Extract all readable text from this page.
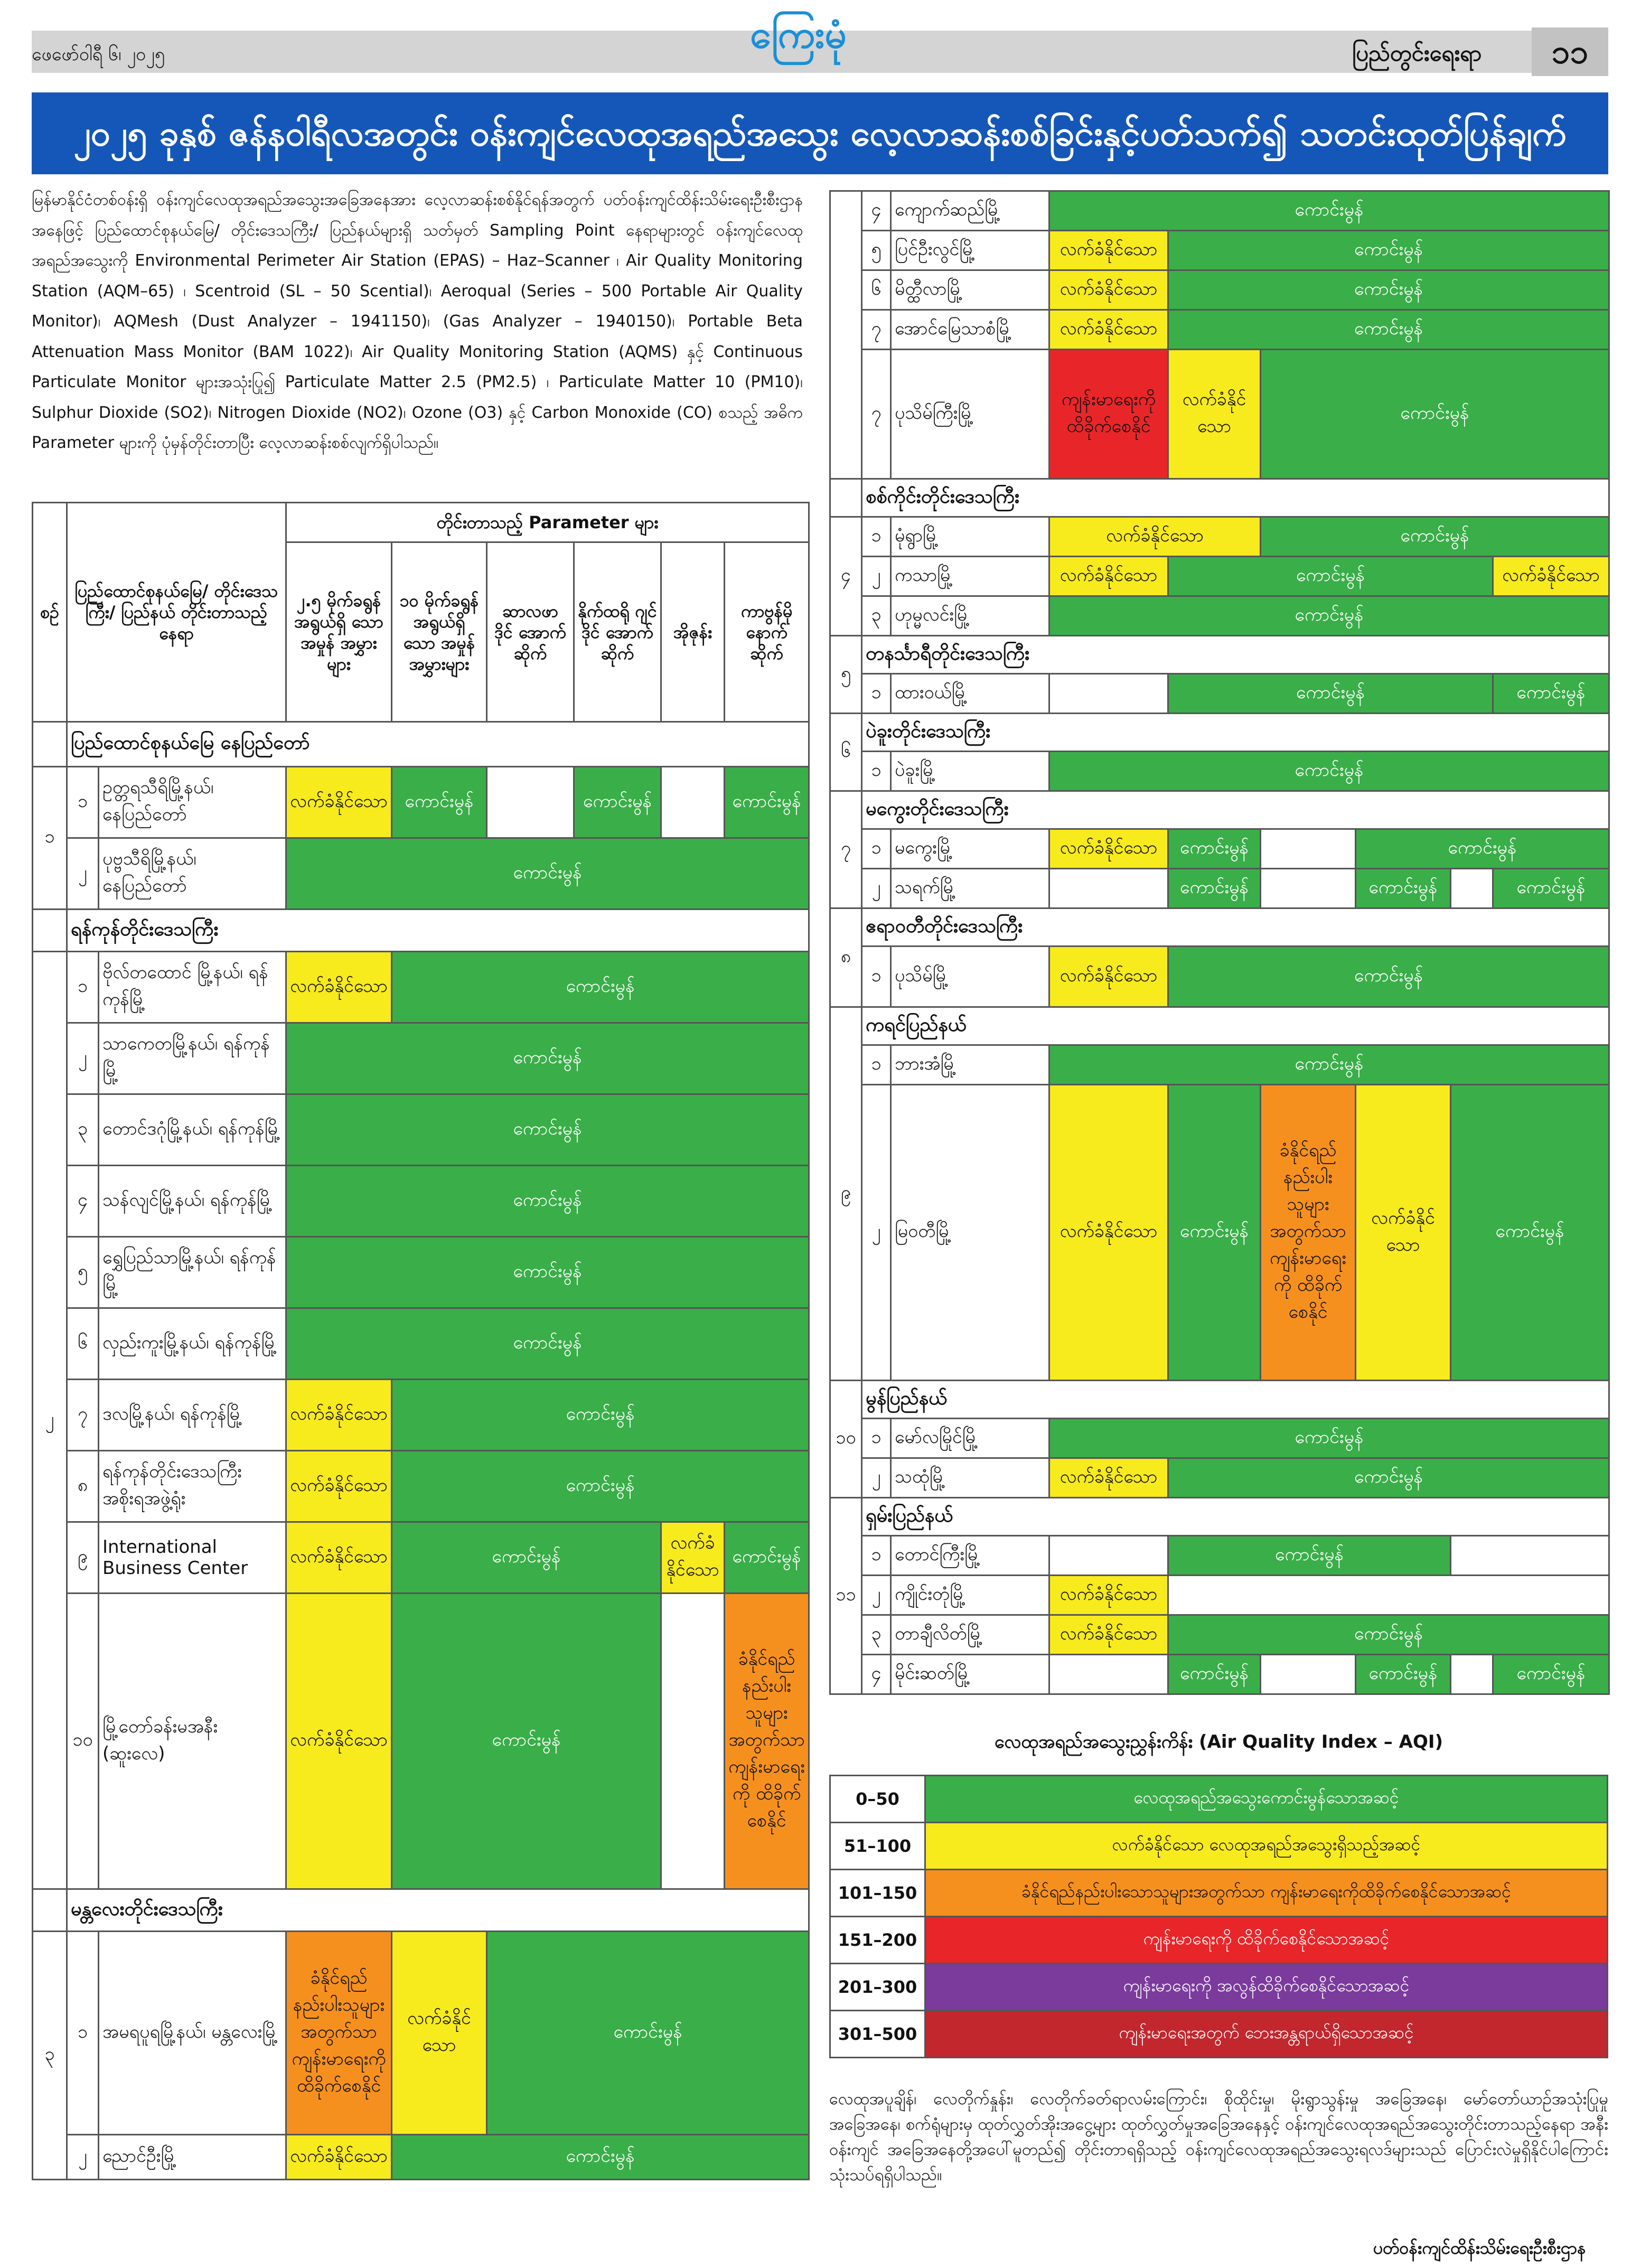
ဖေဖော်ဝါရီ ၆၊ ၂၀၂၅	ကြေးမုံ	ပြည်တွင်းရေးရာ	၁၁
၂၀၂၅ ခုနှစ် ဇန်နဝါရီလအတွင်း ဝန်းကျင်လေထုအရည်အသွေး လေ့လာဆန်းစစ်ခြင်းနှင့်ပတ်သက်၍ သတင်းထုတ်ပြန်ချက်
မြန်မာနိုင်ငံတစ်ဝန်းရှိ ဝန်းကျင်လေထုအရည်အသွေးအခြေအနေအား လေ့လာဆန်းစစ်နိုင်ရန်အတွက် ပတ်ဝန်းကျင်ထိန်းသိမ်းရေးဦးစီးဌာနအနေဖြင့် ပြည်ထောင်စုနယ်မြေ/ တိုင်းဒေသကြီး/ ပြည်နယ်များရှိ သတ်မှတ် Sampling Point နေရာများတွင် ဝန်းကျင်လေထုအရည်အသွေးကို Environmental Perimeter Air Station (EPAS) – Haz–Scanner ၊ Air Quality Monitoring Station (AQM–65) ၊ Scentroid (SL – 50 Scential)၊ Aeroqual (Series – 500 Portable Air Quality Monitor)၊ AQMesh (Dust Analyzer – 1941150)၊ (Gas Analyzer – 1940150)၊ Portable Beta Attenuation Mass Monitor (BAM 1022)၊ Air Quality Monitoring Station (AQMS) နှင့် Continuous Particulate Monitor များအသုံးပြု၍ Particulate Matter 2.5 (PM2.5) ၊ Particulate Matter 10 (PM10)၊ Sulphur Dioxide (SO2)၊ Nitrogen Dioxide (NO2)၊ Ozone (O3) နှင့် Carbon Monoxide (CO) စသည့် အဓိက Parameter များကို ပုံမှန်တိုင်းတာပြီး လေ့လာဆန်းစစ်လျက်ရှိပါသည်။
စဉ်	ပြည်ထောင်စုနယ်မြေ/ တိုင်းဒေသကြီး/ ပြည်နယ် တိုင်းတာသည့်နေရာ		တိုင်းတာသည့် Parameter များ					
			၂.၅ မိုက်ခရွန် အရွယ်ရှိ သော အမှုန် အမွှားများ	၁၀ မိုက်ခရွန် အရွယ်ရှိ သော အမှုန် အမွှားများ	ဆာလဖာ ဒိုင် အောက် ဆိုက်	နိုက်ထရို ဂျင်ဒိုင် အောက် ဆိုက်	အိုဇုန်း	ကာဗွန်မိုနောက် ဆိုက်
	ပြည်ထောင်စုနယ်မြေ နေပြည်တော်							
၁	၁	ဥတ္တရသီရိမြို့နယ်၊ နေပြည်တော်	လက်ခံနိုင်သော	ကောင်းမွန်		ကောင်းမွန်		ကောင်းမွန်
	၂	ပုဗ္ဗသီရိမြို့နယ်၊ နေပြည်တော်	ကောင်းမွန်					
	ရန်ကုန်တိုင်းဒေသကြီး							
၂	၁	ဗိုလ်တထောင် မြို့နယ်၊ ရန်ကုန်မြို့	လက်ခံနိုင်သော	ကောင်းမွန်				
	၂	သာကေတမြို့နယ်၊ ရန်ကုန်မြို့	ကောင်းမွန်					
	၃	တောင်ဒဂုံမြို့နယ်၊ ရန်ကုန်မြို့	ကောင်းမွန်					
	၄	သန်လျင်မြို့နယ်၊ ရန်ကုန်မြို့	ကောင်းမွန်					
	၅	ရွှေပြည်သာမြို့နယ်၊ ရန်ကုန်မြို့	ကောင်းမွန်					
	၆	လှည်းကူးမြို့နယ်၊ ရန်ကုန်မြို့	ကောင်းမွန်					
	၇	ဒလမြို့နယ်၊ ရန်ကုန်မြို့	လက်ခံနိုင်သော	ကောင်းမွန်				
	၈	ရန်ကုန်တိုင်းဒေသကြီး အစိုးရအဖွဲ့ရုံး	လက်ခံနိုင်သော	ကောင်းမွန်				
	၉	International Business Center	လက်ခံနိုင်သော	ကောင်းမွန်			လက်ခံနိုင်သော	ကောင်းမွန်
	၁၀	မြို့တော်ခန်းမအနီး (ဆူးလေ)	လက်ခံနိုင်သော	ကောင်းမွန်				ခံနိုင်ရည်နည်းပါးသူများအတွက်သာ ကျန်းမာရေးကို ထိခိုက်စေနိုင်
	မန္တလေးတိုင်းဒေသကြီး							
၃	၁	အမရပူရမြို့နယ်၊ မန္တလေးမြို့	ခံနိုင်ရည်နည်းပါးသူများအတွက်သာ ကျန်းမာရေးကို ထိခိုက်စေနိုင်	လက်ခံနိုင်သော	ကောင်းမွန်			
	၂	ညောင်ဦးမြို့	လက်ခံနိုင်သော	ကောင်းမွန်				
	၄	ကျောက်ဆည်မြို့	ကောင်းမွန်					
	၅	ပြင်ဦးလွင်မြို့	လက်ခံနိုင်သော	ကောင်းမွန်				
	၆	မိတ္ထီလာမြို့	လက်ခံနိုင်သော	ကောင်းမွန်				
	၇	အောင်မြေသာစံမြို့	လက်ခံနိုင်သော	ကောင်းမွန်				
	၇	ပုသိမ်ကြီးမြို့	ကျန်းမာရေးကို ထိခိုက်စေနိုင်	လက်ခံနိုင်သော	ကောင်းမွန်			
	စစ်ကိုင်းတိုင်းဒေသကြီး							
၄	၁	မုံရွာမြို့	လက်ခံနိုင်သော		ကောင်းမွန်			
	၂	ကသာမြို့	လက်ခံနိုင်သော	ကောင်းမွန်				လက်ခံနိုင်သော
	၃	ဟုမ္မလင်းမြို့	ကောင်းမွန်					
၅	တနင်္သာရီတိုင်းဒေသကြီး							
	၁	ထားဝယ်မြို့		ကောင်းမွန်				ကောင်းမွန်
၆	ပဲခူးတိုင်းဒေသကြီး							
	၁	ပဲခူးမြို့	ကောင်းမွန်					
၇	မကွေးတိုင်းဒေသကြီး							
	၁	မကွေးမြို့	လက်ခံနိုင်သော	ကောင်းမွန်		ကောင်းမွန်		
	၂	သရက်မြို့		ကောင်းမွန်		ကောင်းမွန်		ကောင်းမွန်
၈	ဧရာဝတီတိုင်းဒေသကြီး							
	၁	ပုသိမ်မြို့	လက်ခံနိုင်သော	ကောင်းမွန်				
၉	ကရင်ပြည်နယ်							
	၁	ဘားအံမြို့	ကောင်းမွန်					
	၂	မြဝတီမြို့	လက်ခံနိုင်သော	ကောင်းမွန်	ခံနိုင်ရည်နည်းပါးသူများအတွက်သာ ကျန်းမာရေးကို ထိခိုက်စေနိုင်	လက်ခံနိုင်သော	ကောင်းမွန်	
၁၀	မွန်ပြည်နယ်							
	၁	မော်လမြိုင်မြို့	ကောင်းမွန်					
	၂	သထုံမြို့	လက်ခံနိုင်သော	ကောင်းမွန်				
၁၁	ရှမ်းပြည်နယ်							
	၁	တောင်ကြီးမြို့		ကောင်းမွန်				
	၂	ကျိုင်းတုံမြို့	လက်ခံနိုင်သော					
	၃	တာချီလိတ်မြို့	လက်ခံနိုင်သော	ကောင်းမွန်				
	၄	မိုင်းဆတ်မြို့		ကောင်းမွန်		ကောင်းမွန်		ကောင်းမွန်
လေထုအရည်အသွေးညွှန်းကိန်း (Air Quality Index – AQI)
0–50	လေထုအရည်အသွေးကောင်းမွန်သောအဆင့်
51–100	လက်ခံနိုင်သော လေထုအရည်အသွေးရှိသည့်အဆင့်
101–150	ခံနိုင်ရည်နည်းပါးသောသူများအတွက်သာ ကျန်းမာရေးကိုထိခိုက်စေနိုင်သောအဆင့်
151–200	ကျန်းမာရေးကို ထိခိုက်စေနိုင်သောအဆင့်
201–300	ကျန်းမာရေးကို အလွန်ထိခိုက်စေနိုင်သောအဆင့်
301–500	ကျန်းမာရေးအတွက် ဘေးအန္တရာယ်ရှိသောအဆင့်
လေထုအပူချိန်၊ လေတိုက်နှုန်း၊ လေတိုက်ခတ်ရာလမ်းကြောင်း၊ စိုထိုင်းမှု၊ မိုးရွာသွန်းမှု အခြေအနေ၊ မော်တော်ယာဉ်အသုံးပြုမှုအခြေအနေ၊ စက်ရုံများမှ ထုတ်လွှတ်အိုးအငွေ့များ ထုတ်လွှတ်မှုအခြေအနေနှင့် ဝန်းကျင်လေထုအရည်အသွေးတိုင်းတာသည့်နေရာ အနီးဝန်းကျင် အခြေအနေတို့အပေါ်မူတည်၍ တိုင်းတာရရှိသည့် ဝန်းကျင်လေထုအရည်အသွေးရလဒ်များသည် ပြောင်းလဲမှုရှိနိုင်ပါကြောင်း သုံးသပ်ရရှိပါသည်။
ပတ်ဝန်းကျင်ထိန်းသိမ်းရေးဦးစီးဌာန
